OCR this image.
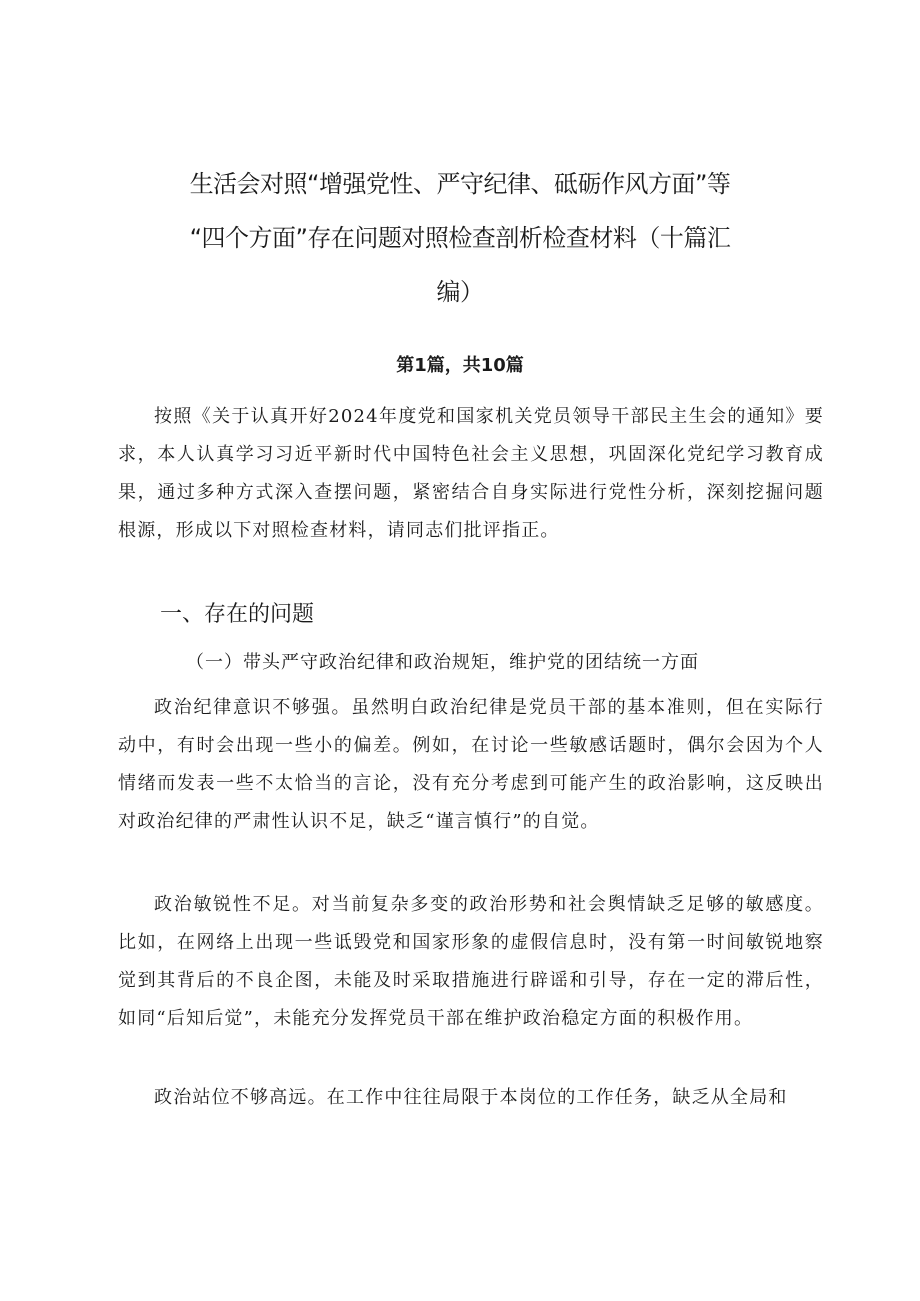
生活会对照“增强党性、严守纪律、砥砺作风方面”等
“四个方面”存在问题对照检查剖析检查材料（十篇汇
编）

第1篇，共10篇

按照《关于认真开好2024年度党和国家机关党员领导干部民主生会的通知》要求，本人认真学习习近平新时代中国特色社会主义思想，巩固深化党纪学习教育成果，通过多种方式深入查摆问题，紧密结合自身实际进行党性分析，深刻挖掘问题根源，形成以下对照检查材料，请同志们批评指正。

一、存在的问题

（一）带头严守政治纪律和政治规矩，维护党的团结统一方面

政治纪律意识不够强。虽然明白政治纪律是党员干部的基本准则，但在实际行动中，有时会出现一些小的偏差。例如，在讨论一些敏感话题时，偶尔会因为个人情绪而发表一些不太恰当的言论，没有充分考虑到可能产生的政治影响，这反映出对政治纪律的严肃性认识不足，缺乏“谨言慎行”的自觉。

政治敏锐性不足。对当前复杂多变的政治形势和社会舆情缺乏足够的敏感度。比如，在网络上出现一些诋毁党和国家形象的虚假信息时，没有第一时间敏锐地察觉到其背后的不良企图，未能及时采取措施进行辟谣和引导，存在一定的滞后性，如同“后知后觉”，未能充分发挥党员干部在维护政治稳定方面的积极作用。

政治站位不够高远。在工作中往往局限于本岗位的工作任务，缺乏从全局和
